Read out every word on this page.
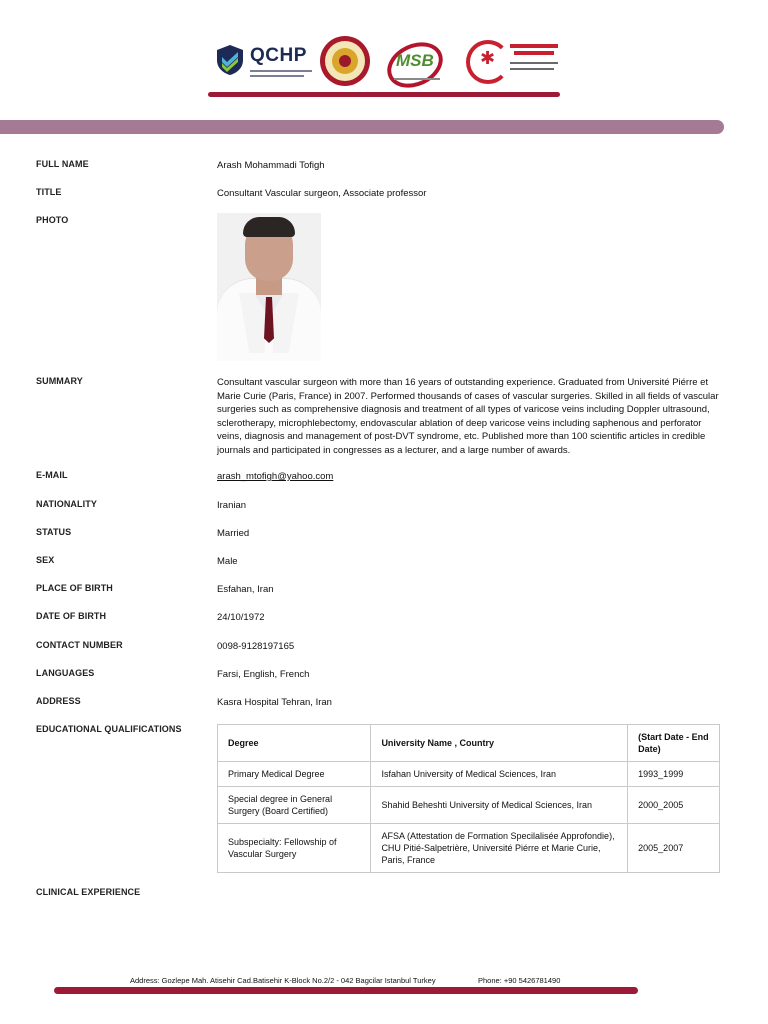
QCHP	MSB	✱
FULL NAME	Arash Mohammadi Tofigh
TITLE	Consultant Vascular surgeon, Associate professor
PHOTO
SUMMARY	Consultant vascular surgeon with more than 16 years of outstanding experience. Graduated from Université Piérre et Marie Curie (Paris, France) in 2007. Performed thousands of cases of vascular surgeries. Skilled in all fields of vascular surgeries such as comprehensive diagnosis and treatment of all types of varicose veins including Doppler ultrasound, sclerotherapy, microphlebectomy, endovascular ablation of deep varicose veins including saphenous and perforator veins, diagnosis and management of post-DVT syndrome, etc. Published more than 100 scientific articles in credible journals and participated in congresses as a lecturer, and a large number of awards.
E-MAIL	arash_mtofigh@yahoo.com
NATIONALITY	Iranian
STATUS	Married
SEX	Male
PLACE OF BIRTH	Esfahan, Iran
DATE OF BIRTH	24/10/1972
CONTACT NUMBER	0098-9128197165
LANGUAGES	Farsi, English, French
ADDRESS	Kasra Hospital Tehran, Iran
EDUCATIONAL QUALIFICATIONS
Degree	University Name , Country	(Start Date - End Date)
Primary Medical Degree	Isfahan University of Medical Sciences, Iran	1993_1999
Special degree in General Surgery (Board Certified)	Shahid Beheshti University of Medical Sciences, Iran	2000_2005
Subspecialty: Fellowship of Vascular Surgery	AFSA (Attestation de Formation Specilalisée Approfondie), CHU Pitié-Salpetrière, Université Piérre et Marie Curie, Paris, France	2005_2007
CLINICAL EXPERIENCE
Address: Gozlepe Mah. Atisehir Cad.Batisehir K-Block No.2/2 - 042 Bagcilar Istanbul Turkey	Phone: +90 5426781490
